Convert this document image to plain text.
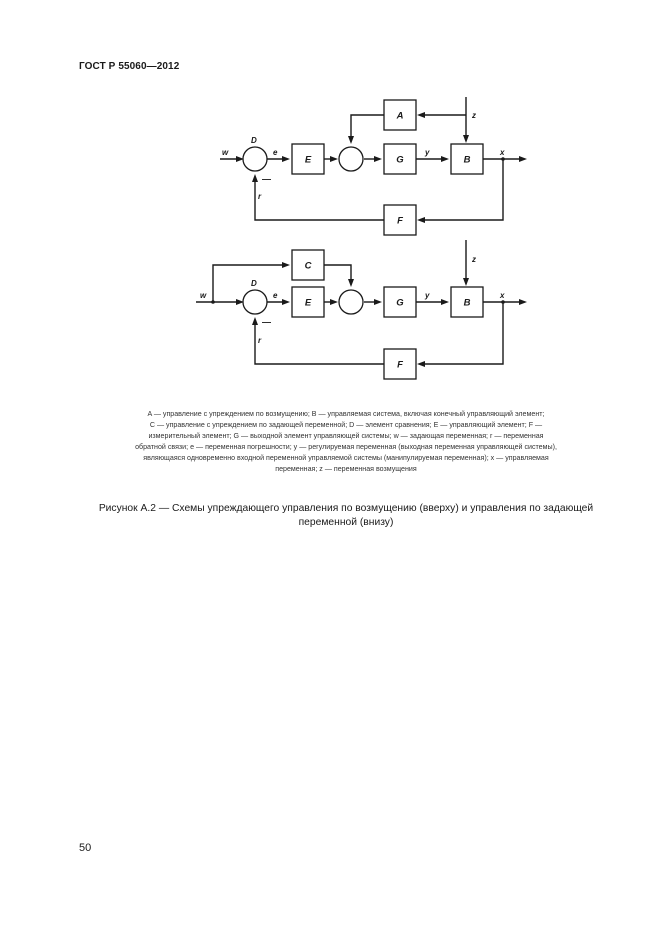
ГОСТ Р 55060—2012
A
E	G	B
F
w
D
e	y
z
x
r
—
C
E	G	B
F
w
D
e	y
z
x
r
—

A — управление с упреждением по возмущению; B — управляемая система, включая конечный управляющий элемент;

C — управление с упреждением по задающей переменной; D — элемент сравнения; E — управляющий элемент; F —

измерительный элемент; G — выходной элемент управляющей системы; w — задающая переменная; r — переменная

обратной связи; e — переменная погрешности; y — регулируемая переменная (выходная переменная управляющей системы),

являющаяся одновременно входной переменной управляемой системы (манипулируемая переменная); x — управляемая

переменная; z — переменная возмущения

Рисунок А.2 — Схемы упреждающего управления по возмущению (вверху) и управления по задающей

переменной (внизу)

50
